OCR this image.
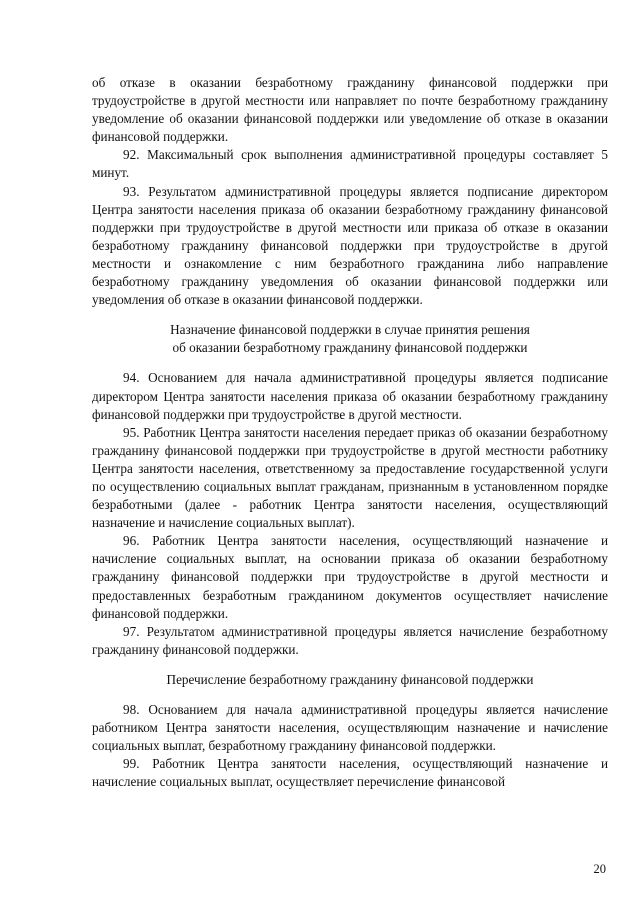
об отказе в оказании безработному гражданину финансовой поддержки при трудоустройстве в другой местности или направляет по почте безработному гражданину уведомление об оказании финансовой поддержки или уведомление об отказе в оказании финансовой поддержки.

92. Максимальный срок выполнения административной процедуры составляет 5 минут.

93. Результатом административной процедуры является подписание директором Центра занятости населения приказа об оказании безработному гражданину финансовой поддержки при трудоустройстве в другой местности или приказа об отказе в оказании безработному гражданину финансовой поддержки при трудоустройстве в другой местности и ознакомление с ним безработного гражданина либо направление безработному гражданину уведомления об оказании финансовой поддержки или уведомления об отказе в оказании финансовой поддержки.

Назначение финансовой поддержки в случае принятия решения

об оказании безработному гражданину финансовой поддержки

94. Основанием для начала административной процедуры является подписание директором Центра занятости населения приказа об оказании безработному гражданину финансовой поддержки при трудоустройстве в другой местности.

95. Работник Центра занятости населения передает приказ об оказании безработному гражданину финансовой поддержки при трудоустройстве в другой местности работнику Центра занятости населения, ответственному за предоставление государственной услуги по осуществлению социальных выплат гражданам, признанным в установленном порядке безработными (далее - работник Центра занятости населения, осуществляющий назначение и начисление социальных выплат).

96. Работник Центра занятости населения, осуществляющий назначение и начисление социальных выплат, на основании приказа об оказании безработному гражданину финансовой поддержки при трудоустройстве в другой местности и предоставленных безработным гражданином документов осуществляет начисление финансовой поддержки.

97. Результатом административной процедуры является начисление безработному гражданину финансовой поддержки.

Перечисление безработному гражданину финансовой поддержки

98. Основанием для начала административной процедуры является начисление работником Центра занятости населения, осуществляющим назначение и начисление социальных выплат, безработному гражданину финансовой поддержки.

99. Работник Центра занятости населения, осуществляющий назначение и начисление социальных выплат, осуществляет перечисление финансовой

20
